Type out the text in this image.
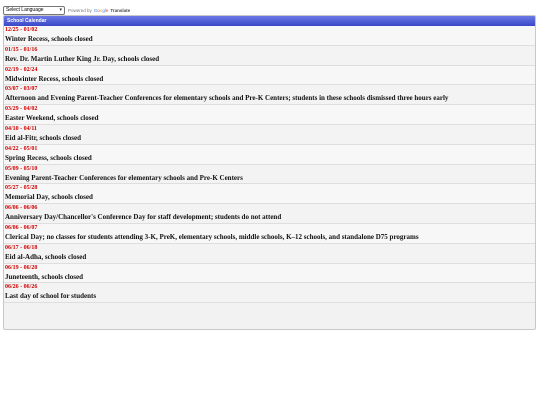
Select Language	▾ Powered by Google Translate
School Calendar
12/25 - 01/02
Winter Recess, schools closed
01/15 - 01/16
Rev. Dr. Martin Luther King Jr. Day, schools closed
02/19 - 02/24
Midwinter Recess, schools closed
03/07 - 03/07
Afternoon and Evening Parent-Teacher Conferences for elementary schools and Pre-K Centers; students in these schools dismissed three hours early
03/29 - 04/02
Easter Weekend, schools closed
04/10 - 04/11
Eid al-Fitr, schools closed
04/22 - 05/01
Spring Recess, schools closed
05/09 - 05/10
Evening Parent-Teacher Conferences for elementary schools and Pre-K Centers
05/27 - 05/28
Memorial Day, schools closed
06/06 - 06/06
Anniversary Day/Chancellor's Conference Day for staff development; students do not attend
06/06 - 06/07
Clerical Day; no classes for students attending 3-K, PreK, elementary schools, middle schools, K–12 schools, and standalone D75 programs
06/17 - 06/18
Eid al-Adha, schools closed
06/19 - 06/20
Juneteenth, schools closed
06/26 - 06/26
Last day of school for students
